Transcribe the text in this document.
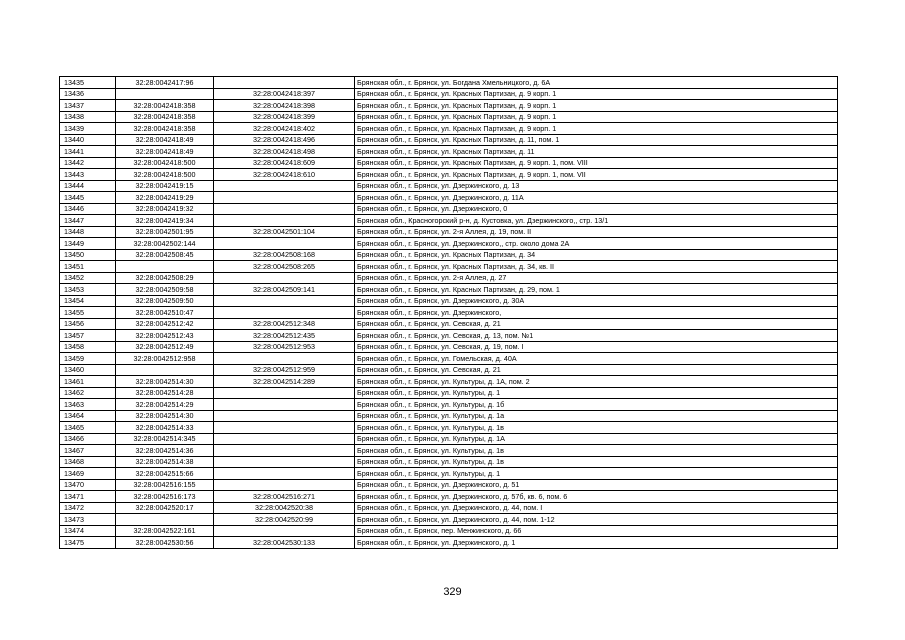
13435	32:28:0042417:96		Брянская обл., г. Брянск, ул. Богдана Хмельницкого, д. 6А
13436		32:28:0042418:397	Брянская обл., г. Брянск, ул. Красных Партизан, д. 9 корп. 1
13437	32:28:0042418:358	32:28:0042418:398	Брянская обл., г. Брянск, ул. Красных Партизан, д. 9 корп. 1
13438	32:28:0042418:358	32:28:0042418:399	Брянская обл., г. Брянск, ул. Красных Партизан, д. 9 корп. 1
13439	32:28:0042418:358	32:28:0042418:402	Брянская обл., г. Брянск, ул. Красных Партизан, д. 9 корп. 1
13440	32:28:0042418:49	32:28:0042418:496	Брянская обл., г. Брянск, ул. Красных Партизан, д. 11, пом. 1
13441	32:28:0042418:49	32:28:0042418:498	Брянская обл., г. Брянск, ул. Красных Партизан, д. 11
13442	32:28:0042418:500	32:28:0042418:609	Брянская обл., г. Брянск, ул. Красных Партизан, д. 9 корп. 1, пом. VIII
13443	32:28:0042418:500	32:28:0042418:610	Брянская обл., г. Брянск, ул. Красных Партизан, д. 9 корп. 1, пом. VII
13444	32:28:0042419:15		Брянская обл., г. Брянск, ул. Дзержинского, д. 13
13445	32:28:0042419:29		Брянская обл., г. Брянск, ул. Дзержинского, д. 11А
13446	32:28:0042419:32		Брянская обл., г. Брянск, ул. Дзержинского, 0
13447	32:28:0042419:34		Брянская обл., Красногорский р-н, д. Кустовка, ул. Дзержинского,, стр. 13/1
13448	32:28:0042501:95	32:28:0042501:104	Брянская обл., г. Брянск, ул. 2-я Аллея, д. 19, пом. II
13449	32:28:0042502:144		Брянская обл., г. Брянск, ул. Дзержинского,, стр. около дома 2А
13450	32:28:0042508:45	32:28:0042508:168	Брянская обл., г. Брянск, ул. Красных Партизан, д. 34
13451		32:28:0042508:265	Брянская обл., г. Брянск, ул. Красных Партизан, д. 34, кв. II
13452	32:28:0042508:29		Брянская обл., г. Брянск, ул. 2-я Аллея, д. 27
13453	32:28:0042509:58	32:28:0042509:141	Брянская обл., г. Брянск, ул. Красных Партизан, д. 29, пом. 1
13454	32:28:0042509:50		Брянская обл., г. Брянск, ул. Дзержинского, д. 30А
13455	32:28:0042510:47		Брянская обл., г. Брянск, ул. Дзержинского,
13456	32:28:0042512:42	32:28:0042512:348	Брянская обл., г. Брянск, ул. Севская, д. 21
13457	32:28:0042512:43	32:28:0042512:435	Брянская обл., г. Брянск, ул. Севская, д. 13, пом. №1
13458	32:28:0042512:49	32:28:0042512:953	Брянская обл., г. Брянск, ул. Севская, д. 19, пом. I
13459	32:28:0042512:958		Брянская обл., г. Брянск, ул. Гомельская, д. 40А
13460		32:28:0042512:959	Брянская обл., г. Брянск, ул. Севская, д. 21
13461	32:28:0042514:30	32:28:0042514:289	Брянская обл., г. Брянск, ул. Культуры, д. 1А, пом. 2
13462	32:28:0042514:28		Брянская обл., г. Брянск, ул. Культуры, д. 1
13463	32:28:0042514:29		Брянская обл., г. Брянск, ул. Культуры, д. 1б
13464	32:28:0042514:30		Брянская обл., г. Брянск, ул. Культуры, д. 1а
13465	32:28:0042514:33		Брянская обл., г. Брянск, ул. Культуры, д. 1в
13466	32:28:0042514:345		Брянская обл., г. Брянск, ул. Культуры, д. 1А
13467	32:28:0042514:36		Брянская обл., г. Брянск, ул. Культуры, д. 1в
13468	32:28:0042514:38		Брянская обл., г. Брянск, ул. Культуры, д. 1в
13469	32:28:0042515:66		Брянская обл., г. Брянск, ул. Культуры, д. 1
13470	32:28:0042516:155		Брянская обл., г. Брянск, ул. Дзержинского, д. 51
13471	32:28:0042516:173	32:28:0042516:271	Брянская обл., г. Брянск, ул. Дзержинского, д. 57б, кв. 6, пом. 6
13472	32:28:0042520:17	32:28:0042520:38	Брянская обл., г. Брянск, ул. Дзержинского, д. 44, пом. I
13473		32:28:0042520:99	Брянская обл., г. Брянск, ул. Дзержинского, д. 44, пом. 1-12
13474	32:28:0042522:161		Брянская обл., г. Брянск, пер. Менжинского, д. 66
13475	32:28:0042530:56	32:28:0042530:133	Брянская обл., г. Брянск, ул. Дзержинского, д. 1
329
